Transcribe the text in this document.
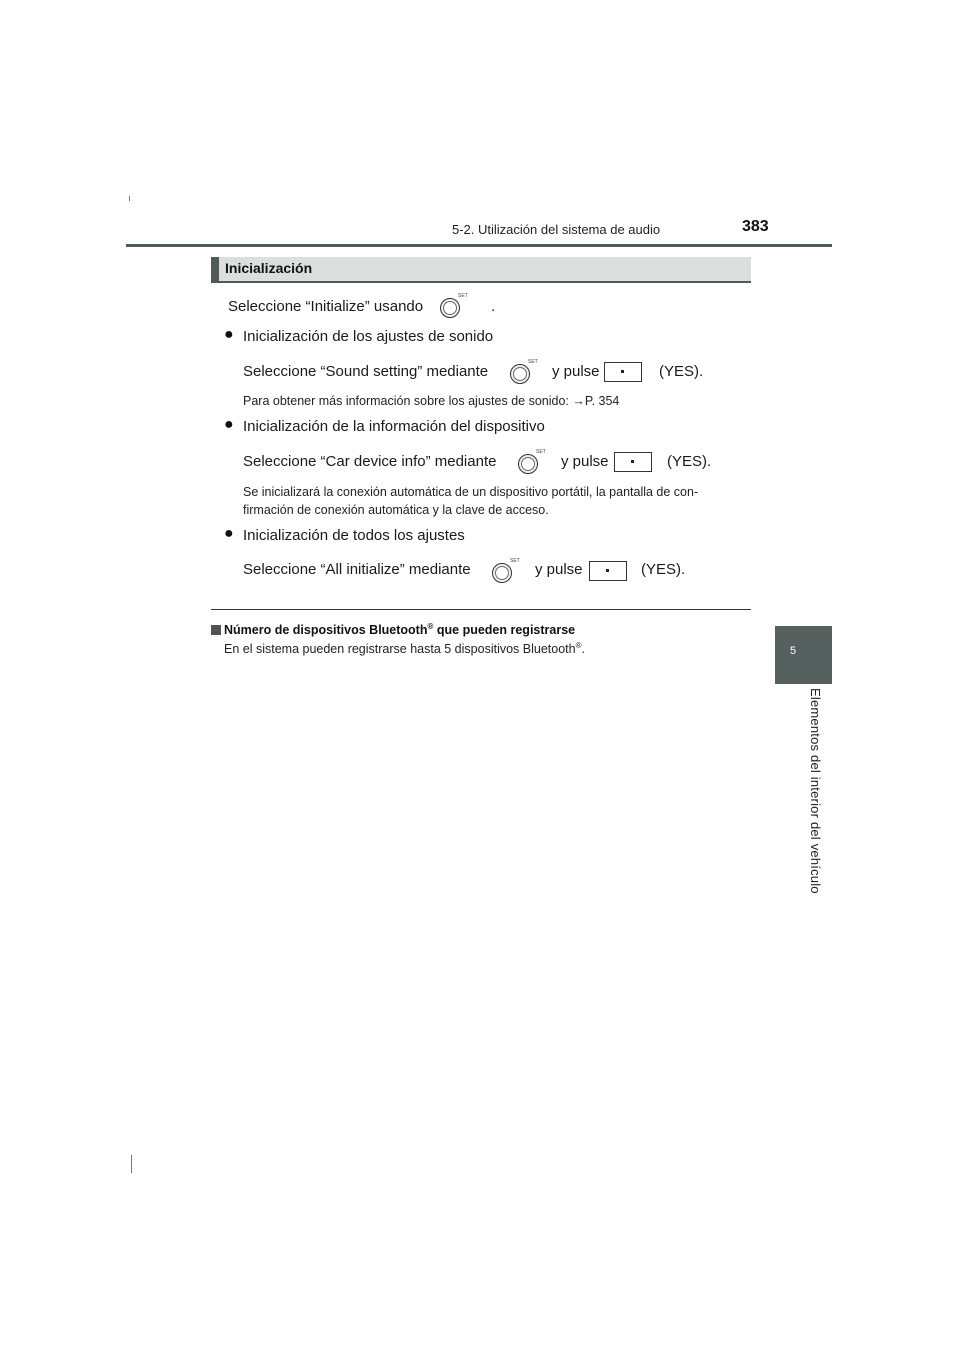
5-2. Utilización del sistema de audio	383
5
Elementos del interior del vehículo
Inicialización
Seleccione “Initialize” usando
SET
.
● Inicialización de los ajustes de sonido
Seleccione “Sound setting” mediante
SET
y pulse	(YES).
Para obtener más información sobre los ajustes de sonido: →P. 354
● Inicialización de la información del dispositivo
Seleccione “Car device info” mediante
SET
y pulse	(YES).
Se inicializará la conexión automática de un dispositivo portátil, la pantalla de con-
firmación de conexión automática y la clave de acceso.
● Inicialización de todos los ajustes
Seleccione “All initialize” mediante	SET y pulse	(YES).
Número de dispositivos Bluetooth® que pueden registrarse
En el sistema pueden registrarse hasta 5 dispositivos Bluetooth®.
